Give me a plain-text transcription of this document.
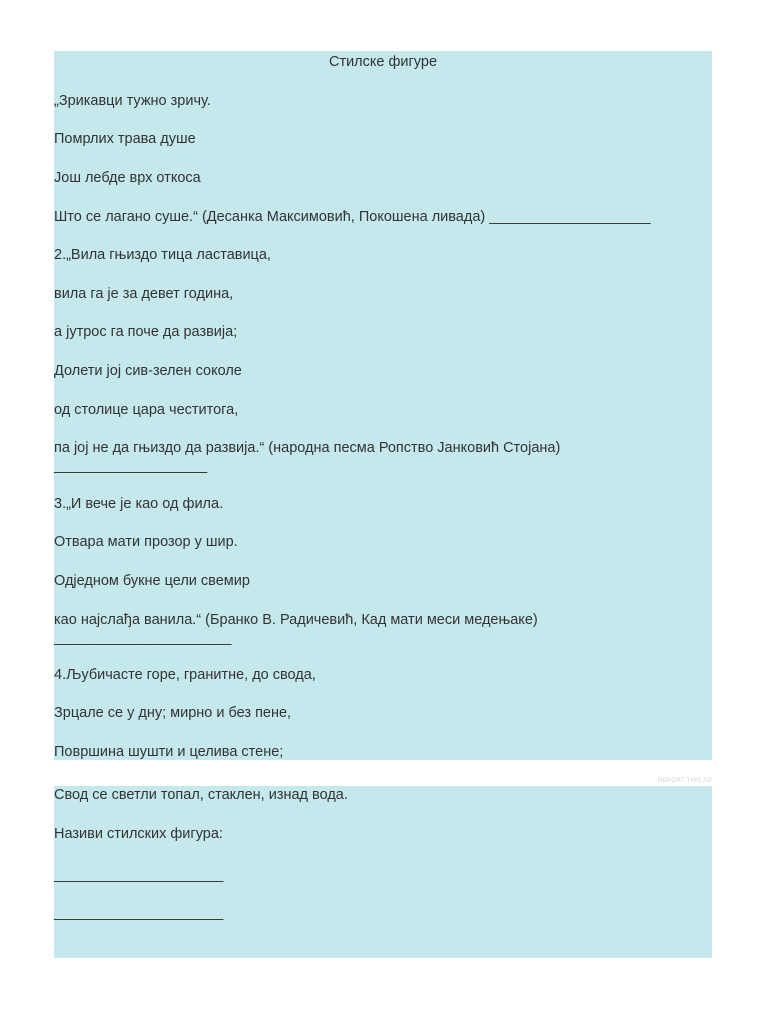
Стилске фигуре
„Зрикавци тужно зричу.
Помрлих трава душе
Још лебде врх откоса
Што се лагано суше.“ (Десанка Максимовић, Покошена ливада) ____________________
2.„Вила гњиздо тица ластавица,
вила га је за девет година,
а јутрос га поче да развија;
Долети јој сив-зелен соколе
од столице цара честитога,
па јој не да гњиздо да развија.“ (народна песма Ропство Јанковић Стојана)
___________________
3.„И вече је као од фила.
Отвара мати прозор у шир.
Одједном букне цели свемир
као најслађа ванила.“ (Бранко В. Радичевић, Кад мати меси медењаке)
______________________
4.Љубичасте горе, гранитне, до свода,
Зрцале се у дну; мирно и без пене,
Површина шушти и целива стене;
REPORT THIS AD
Свод се светли топал, стаклен, изнад вода.
Називи стилских фигура:
_____________________
_____________________
